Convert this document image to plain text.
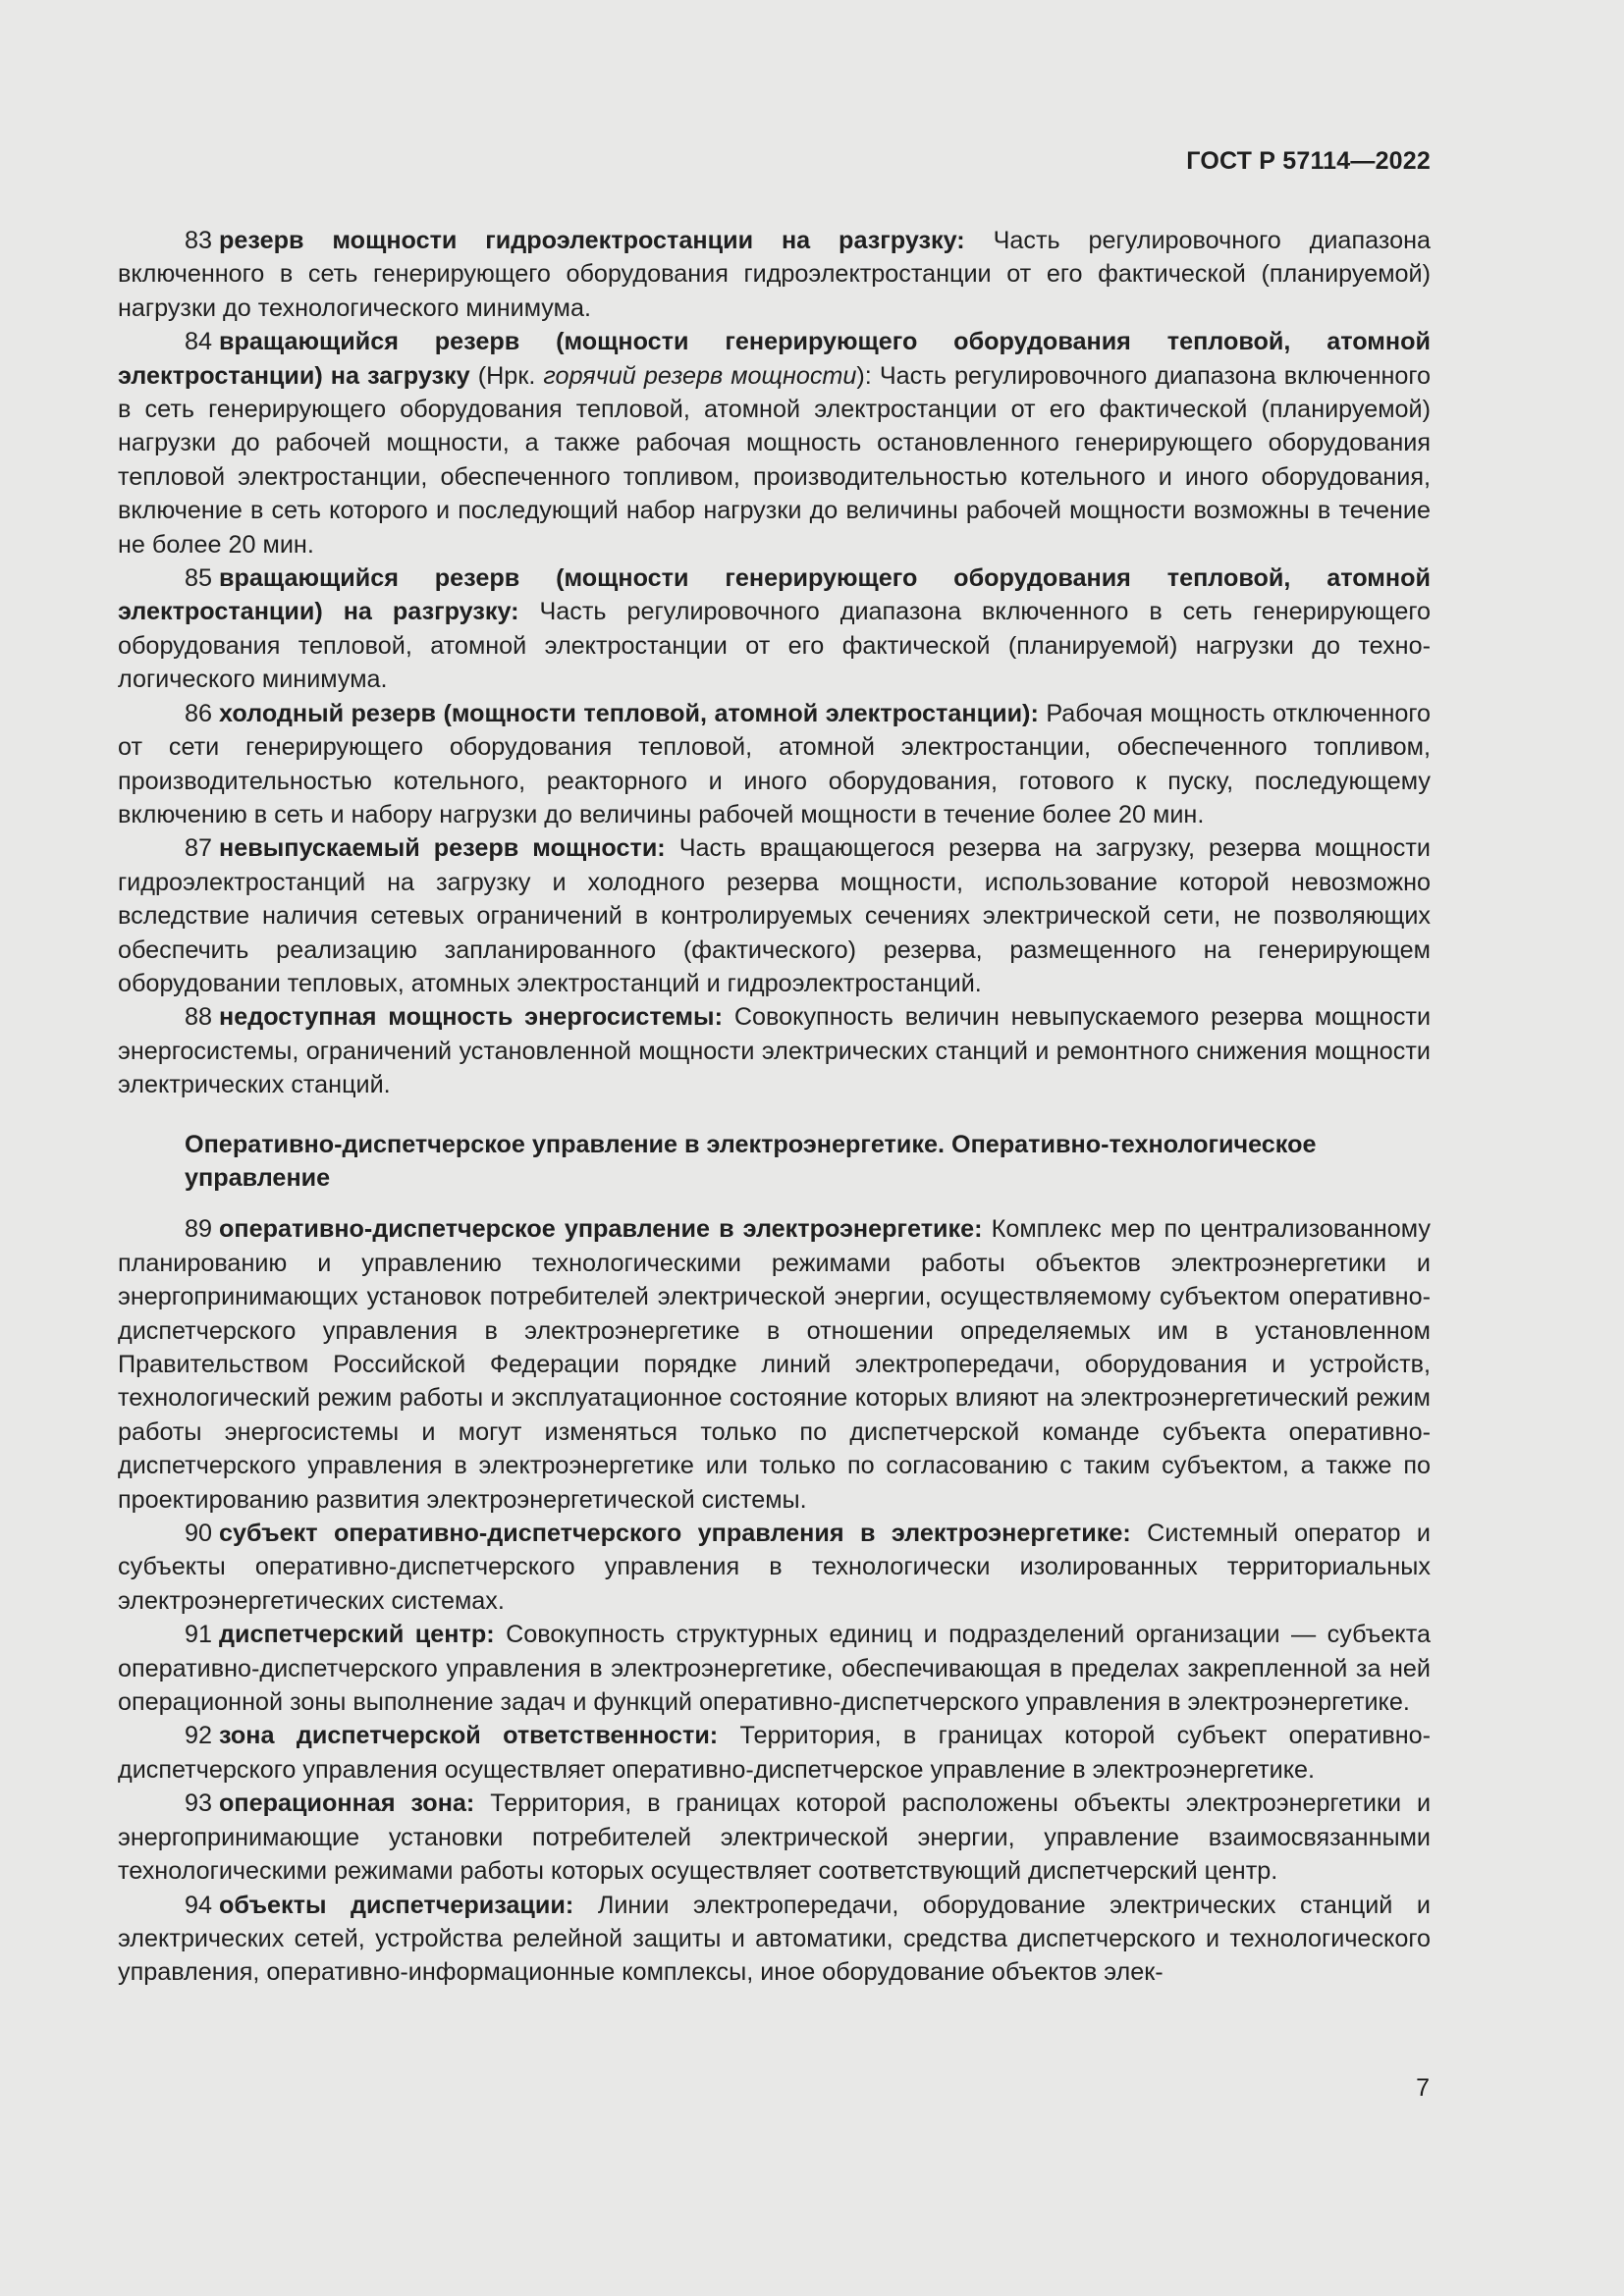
ГОСТ Р 57114—2022

83 резерв мощности гидроэлектростанции на разгрузку: Часть регулировочного диапазона включенного в сеть генерирующего оборудования гидроэлектростанции от его фактической (планируемой) нагрузки до технологического минимума.

84 вращающийся резерв (мощности генерирующего оборудования тепловой, атомной электростанции) на загрузку (Нрк. горячий резерв мощности): Часть регулировочного диапазона включенного в сеть генерирующего оборудования тепловой, атомной электростанции от его фактической (планируемой) нагрузки до рабочей мощности, а также рабочая мощность остановленного генерирующего оборудования тепловой электростанции, обеспеченного топливом, производительностью котельного и иного оборудования, включение в сеть которого и последующий набор нагрузки до величины рабочей мощности возможны в течение не более 20 мин.

85 вращающийся резерв (мощности генерирующего оборудования тепловой, атомной электростанции) на разгрузку: Часть регулировочного диапазона включенного в сеть генерирующего оборудования тепловой, атомной электростанции от его фактической (планируемой) нагрузки до технологического минимума.

86 холодный резерв (мощности тепловой, атомной электростанции): Рабочая мощность отключенного от сети генерирующего оборудования тепловой, атомной электростанции, обеспеченного топливом, производительностью котельного, реакторного и иного оборудования, готового к пуску, последующему включению в сеть и набору нагрузки до величины рабочей мощности в течение более 20 мин.

87 невыпускаемый резерв мощности: Часть вращающегося резерва на загрузку, резерва мощности гидроэлектростанций на загрузку и холодного резерва мощности, использование которой невозможно вследствие наличия сетевых ограничений в контролируемых сечениях электрической сети, не позволяющих обеспечить реализацию запланированного (фактического) резерва, размещенного на генерирующем оборудовании тепловых, атомных электростанций и гидроэлектростанций.

88 недоступная мощность энергосистемы: Совокупность величин невыпускаемого резерва мощности энергосистемы, ограничений установленной мощности электрических станций и ремонтного снижения мощности электрических станций.

Оперативно-диспетчерское управление в электроэнергетике. Оперативно-технологическое управление

89 оперативно-диспетчерское управление в электроэнергетике: Комплекс мер по централизованному планированию и управлению технологическими режимами работы объектов электроэнергетики и энергопринимающих установок потребителей электрической энергии, осуществляемому субъектом оперативно-диспетчерского управления в электроэнергетике в отношении определяемых им в установленном Правительством Российской Федерации порядке линий электропередачи, оборудования и устройств, технологический режим работы и эксплуатационное состояние которых влияют на электроэнергетический режим работы энергосистемы и могут изменяться только по диспетчерской команде субъекта оперативно-диспетчерского управления в электроэнергетике или только по согласованию с таким субъектом, а также по проектированию развития электроэнергетической системы.

90 субъект оперативно-диспетчерского управления в электроэнергетике: Системный оператор и субъекты оперативно-диспетчерского управления в технологически изолированных территориальных электроэнергетических системах.

91 диспетчерский центр: Совокупность структурных единиц и подразделений организации — субъекта оперативно-диспетчерского управления в электроэнергетике, обеспечивающая в пределах закрепленной за ней операционной зоны выполнение задач и функций оперативно-диспетчерского управления в электроэнергетике.

92 зона диспетчерской ответственности: Территория, в границах которой субъект оперативно-диспетчерского управления осуществляет оперативно-диспетчерское управление в электроэнергетике.

93 операционная зона: Территория, в границах которой расположены объекты электроэнергетики и энергопринимающие установки потребителей электрической энергии, управление взаимосвязанными технологическими режимами работы которых осуществляет соответствующий диспетчерский центр.

94 объекты диспетчеризации: Линии электропередачи, оборудование электрических станций и электрических сетей, устройства релейной защиты и автоматики, средства диспетчерского и технологического управления, оперативно-информационные комплексы, иное оборудование объектов элек-

7
